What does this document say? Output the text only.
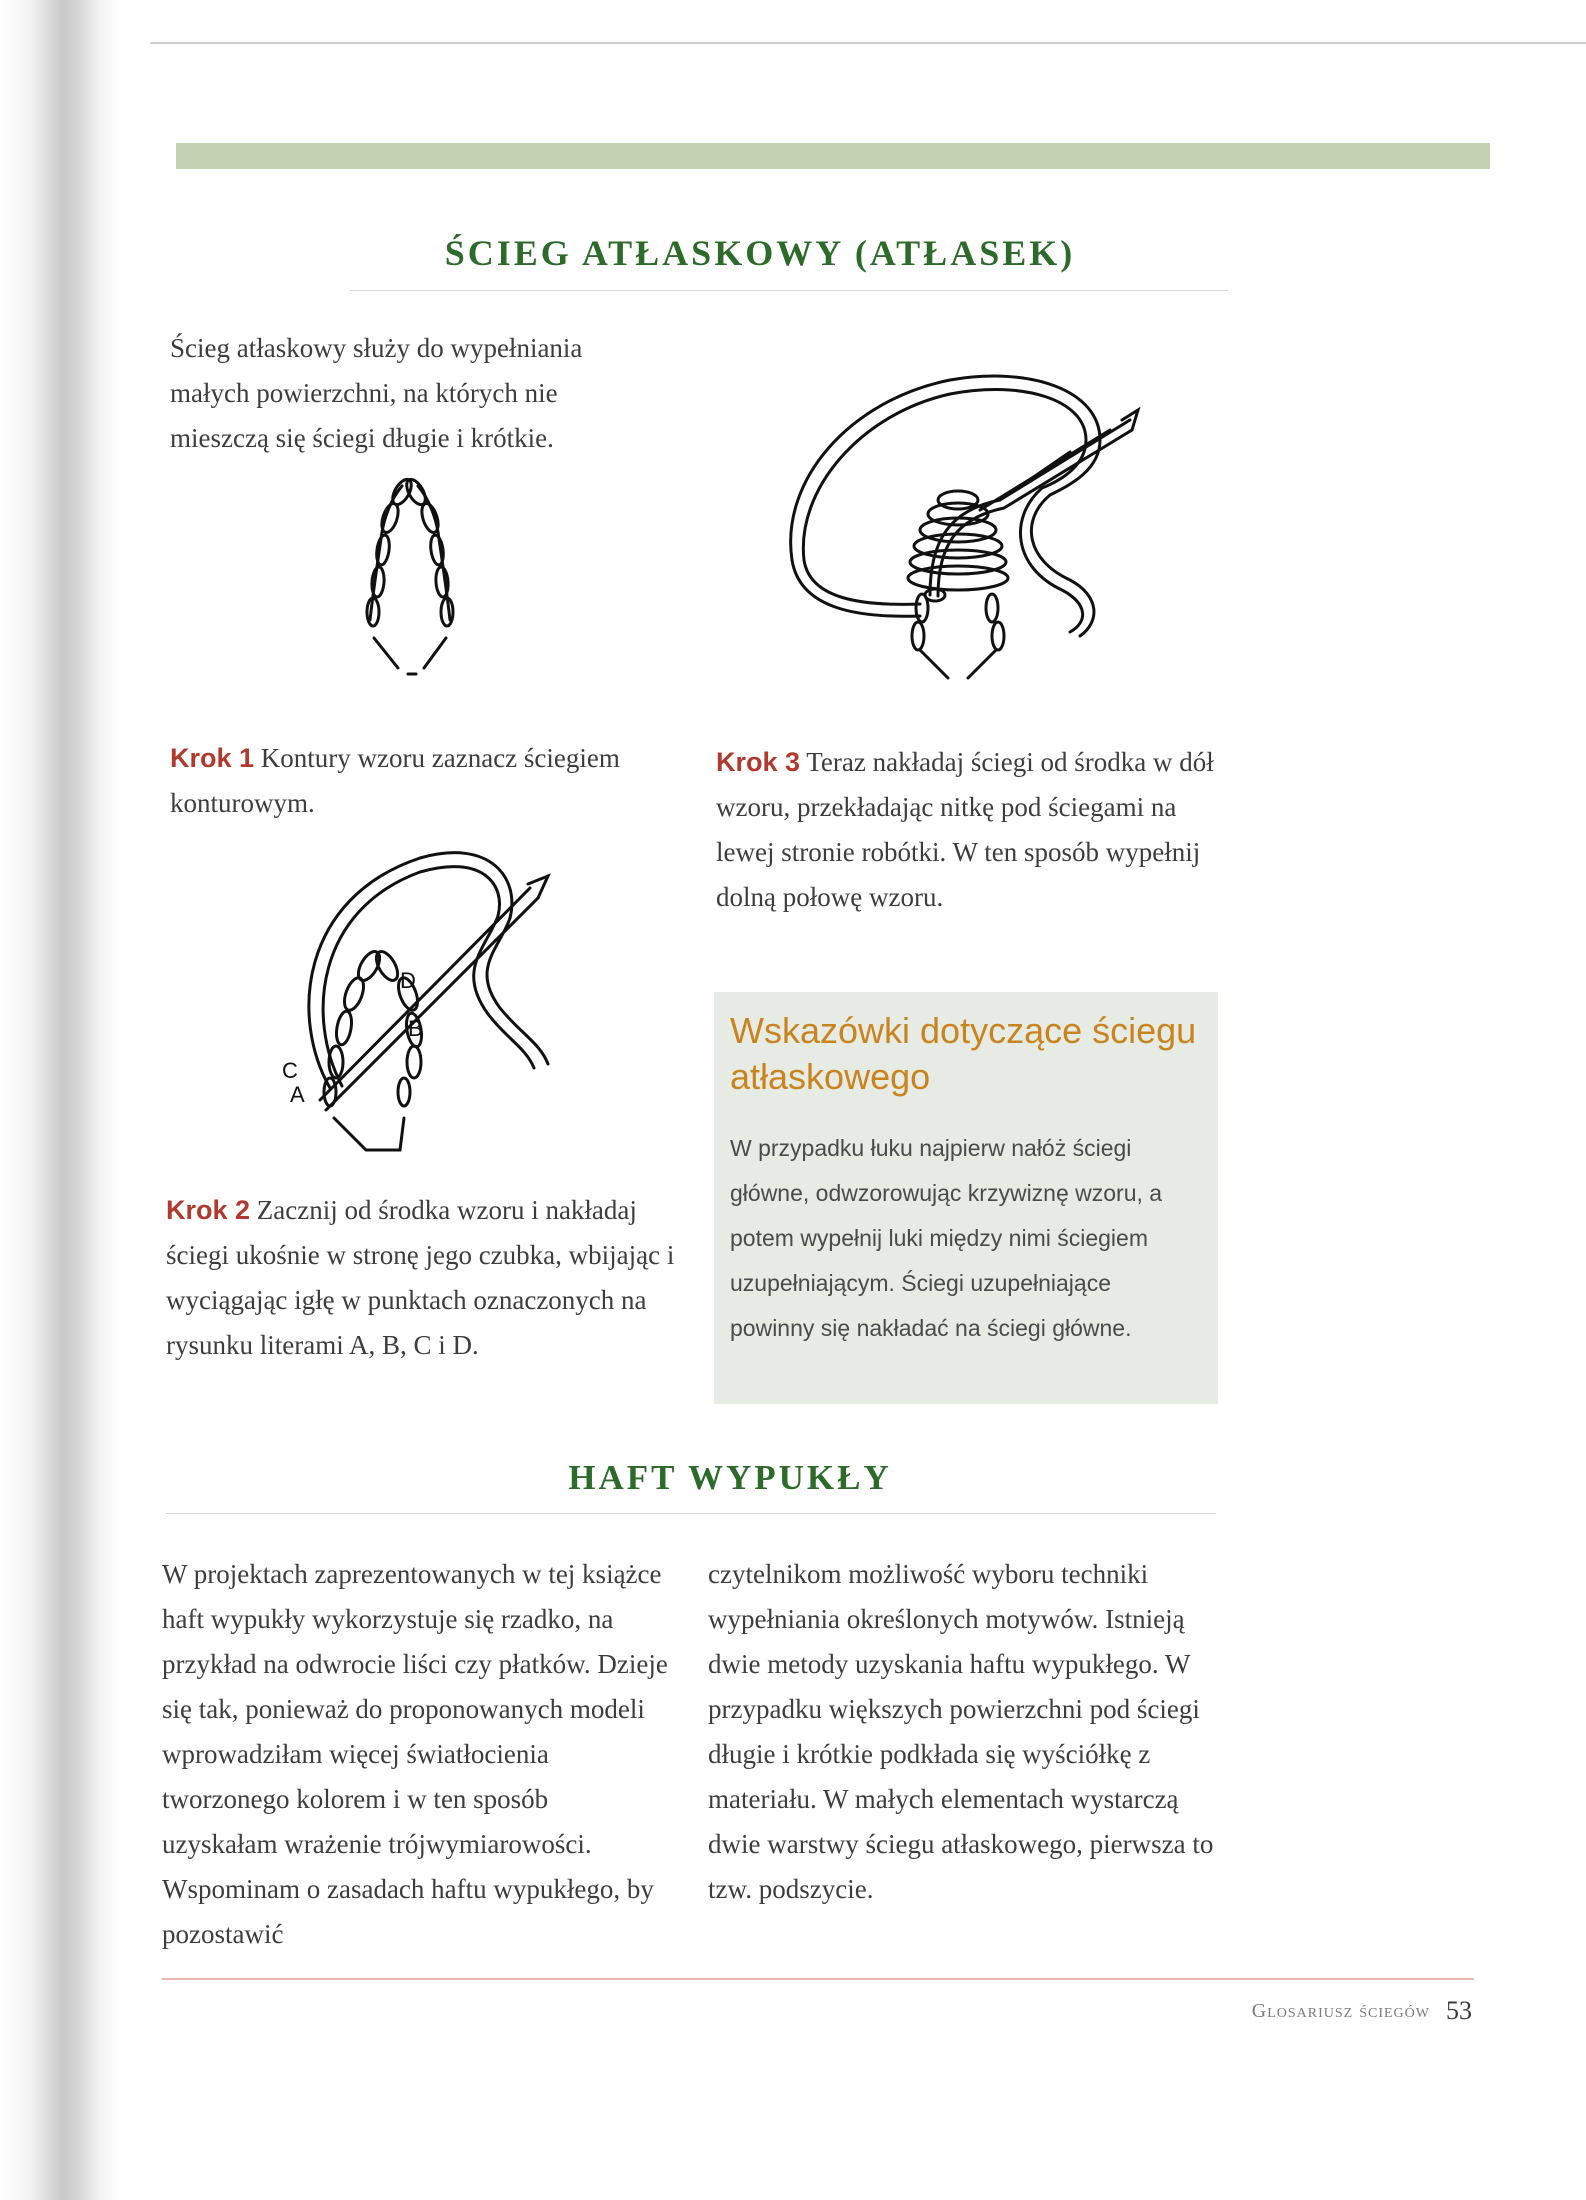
ŚCIEG ATŁASKOWY (ATŁASEK)

Ścieg atłaskowy służy do wypełniania małych powierzchni, na których nie mieszczą się ściegi długie i krótkie.

Krok 1 Kontury wzoru zaznacz ściegiem konturowym.

Krok 3 Teraz nakładaj ściegi od środka w dół wzoru, przekładając nitkę pod ściegami na lewej stronie robótki. W ten sposób wypełnij dolną połowę wzoru.

D
B
C
A

Krok 2 Zacznij od środka wzoru i nakładaj ściegi ukośnie w stronę jego czubka, wbijając i wyciągając igłę w punktach oznaczonych na rysunku literami A, B, C i D.

Wskazówki dotyczące ściegu atłaskowego

W przypadku łuku najpierw nałóż ściegi główne, odwzorowując krzywiznę wzoru, a potem wypełnij luki między nimi ściegiem uzupełniającym. Ściegi uzupełniające powinny się nakładać na ściegi główne.

HAFT WYPUKŁY

W projektach zaprezentowanych w tej książce haft wypukły wykorzystuje się rzadko, na przykład na odwrocie liści czy płatków. Dzieje się tak, ponieważ do proponowanych modeli wprowadziłam więcej światłocienia tworzonego kolorem i w ten sposób uzyskałam wrażenie trójwymiarowości. Wspominam o zasadach haftu wypukłego, by pozostawić

czytelnikom możliwość wyboru techniki wypełniania określonych motywów. Istnieją dwie metody uzyskania haftu wypukłego. W przypadku większych powierzchni pod ściegi długie i krótkie podkłada się wyściółkę z materiału. W małych elementach wystarczą dwie warstwy ściegu atłaskowego, pierwsza to tzw. podszycie.

Glosariusz ściegów 53
